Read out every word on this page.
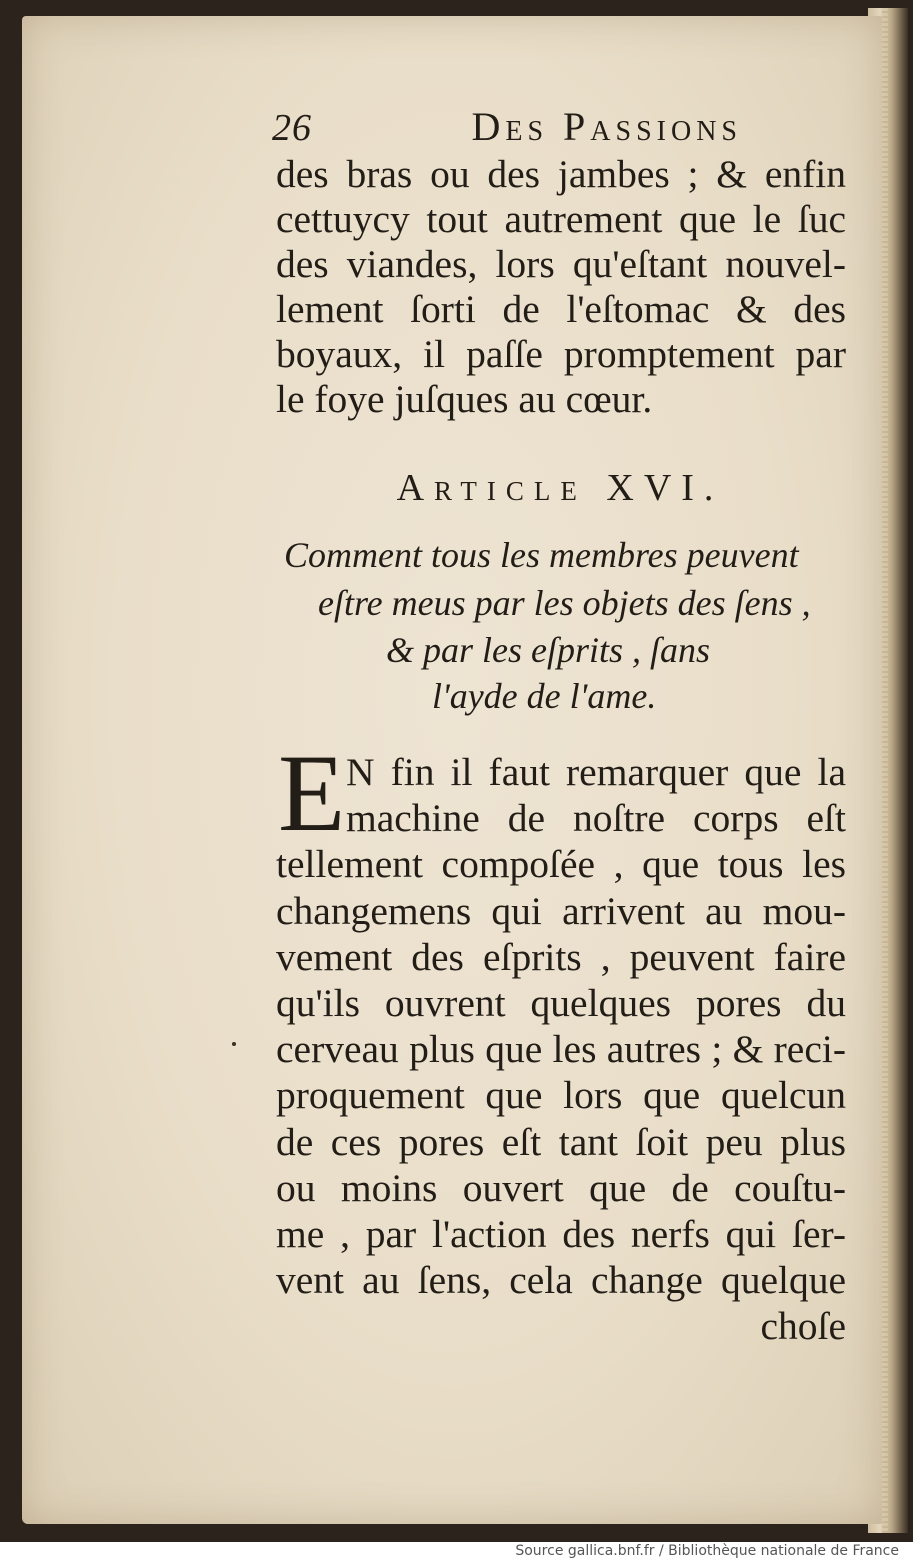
26	Des Passions
des bras ou des jambes ; & enfin
cettuycy tout autrement que le ſuc
des viandes, lors qu'eſtant nouvel-
lement ſorti de l'eſtomac & des
boyaux, il paſſe promptement par
le foye juſques au cœur.
Article XVI.
Comment tous les membres peuvent
eſtre meus par les objets des ſens ,
& par les eſprits , ſans
l'ayde de l'ame.
E N fin il faut remarquer que la
machine de noſtre corps eſt
tellement compoſée , que tous les
changemens qui arrivent au mou-
vement des eſprits , peuvent faire
qu'ils ouvrent quelques pores du
cerveau plus que les autres ; & reci-
proquement que lors que quelcun
de ces pores eſt tant ſoit peu plus
ou moins ouvert que de couſtu-
me , par l'action des nerfs qui ſer-
vent au ſens, cela change quelque
choſe
Source gallica.bnf.fr / Bibliothèque nationale de France
